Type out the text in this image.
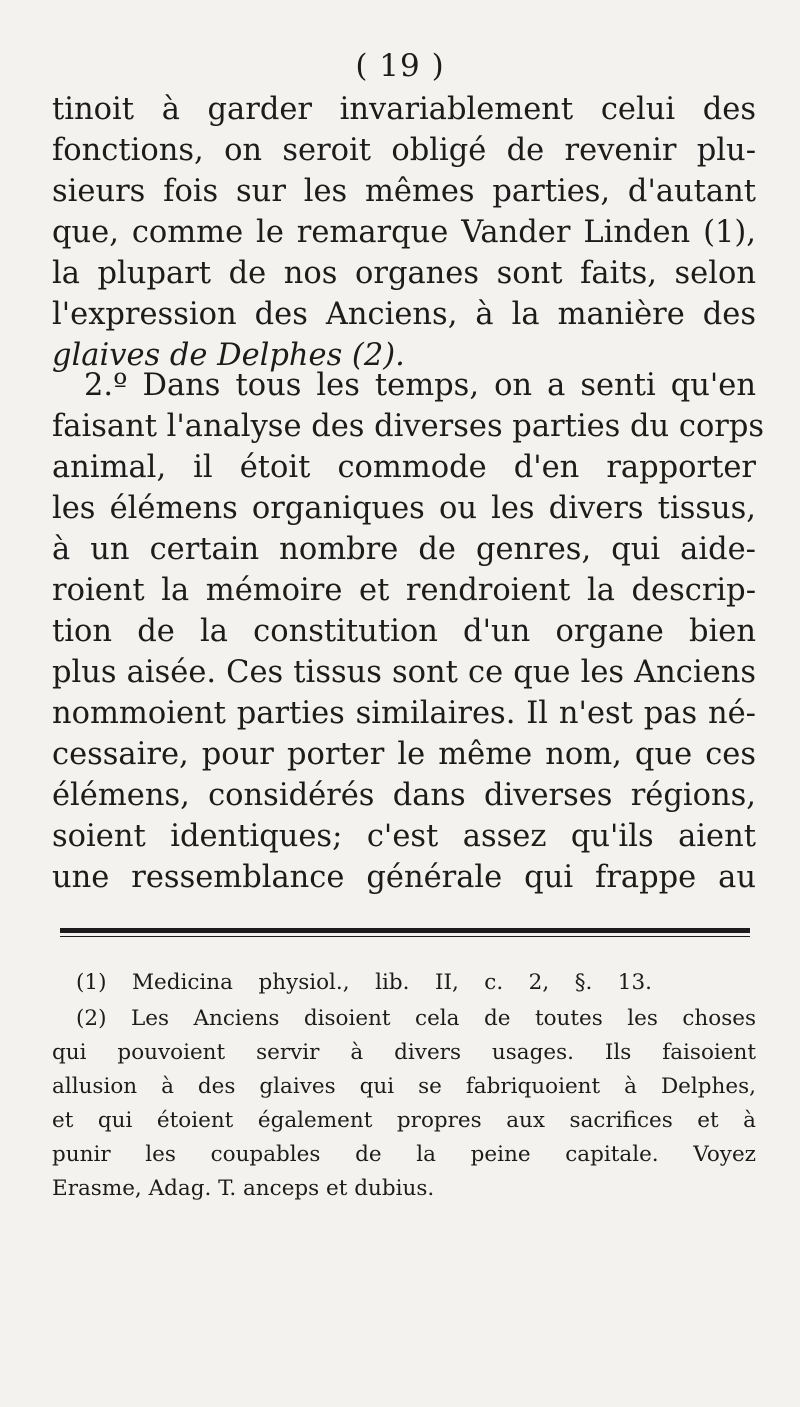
( 19 )
tinoit à garder invariablement celui des
fonctions, on seroit obligé de revenir plu-
sieurs fois sur les mêmes parties, d'autant
que, comme le remarque Vander Linden (1),
la plupart de nos organes sont faits, selon
l'expression des Anciens, à la manière des
glaives de Delphes (2).
2.º Dans tous les temps, on a senti qu'en
faisant l'analyse des diverses parties du corps
animal, il étoit commode d'en rapporter
les élémens organiques ou les divers tissus,
à un certain nombre de genres, qui aide-
roient la mémoire et rendroient la descrip-
tion de la constitution d'un organe bien
plus aisée. Ces tissus sont ce que les Anciens
nommoient parties similaires. Il n'est pas né-
cessaire, pour porter le même nom, que ces
élémens, considérés dans diverses régions,
soient identiques; c'est assez qu'ils aient
une ressemblance générale qui frappe au
(1) Medicina physiol., lib. II, c. 2, §. 13.
(2) Les Anciens disoient cela de toutes les choses
qui pouvoient servir à divers usages. Ils faisoient
allusion à des glaives qui se fabriquoient à Delphes,
et qui étoient également propres aux sacrifices et à
punir les coupables de la peine capitale. Voyez
Erasme, Adag. T. anceps et dubius.
